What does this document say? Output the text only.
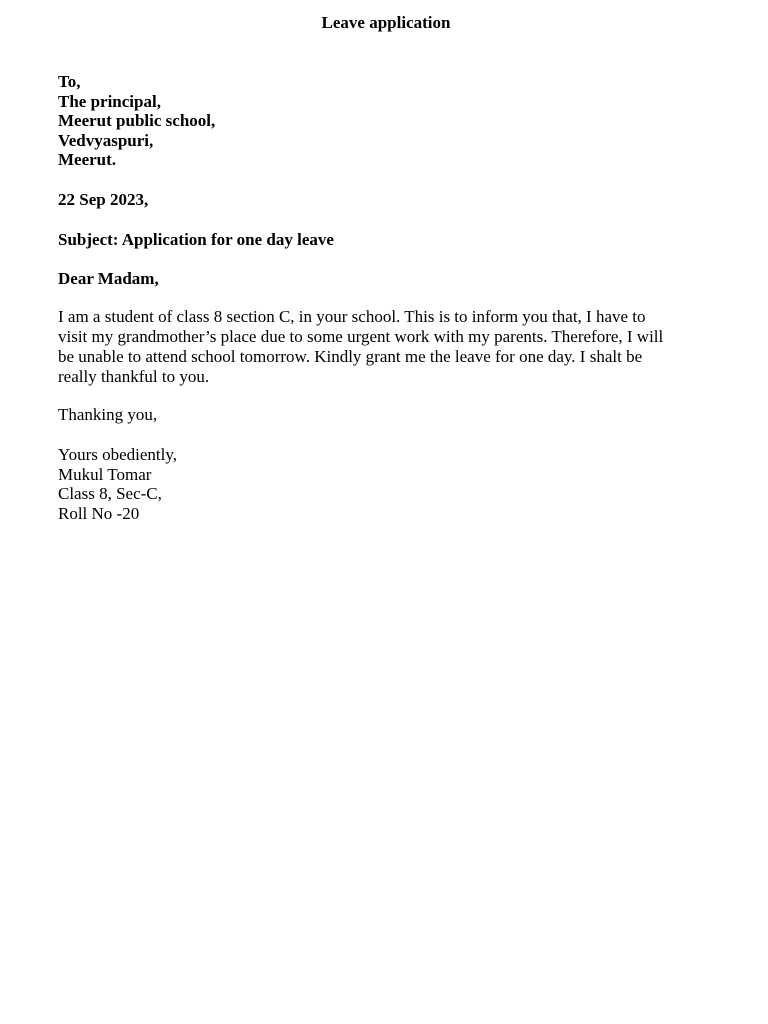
Leave application
To,
The principal,
Meerut public school,
Vedvyaspuri,
Meerut.
22 Sep 2023,
Subject: Application for one day leave
Dear Madam,
I am a student of class 8 section C, in your school. This is to inform you that, I have to
visit my grandmother’s place due to some urgent work with my parents. Therefore, I will
be unable to attend school tomorrow. Kindly grant me the leave for one day. I shalt be
really thankful to you.
Thanking you,
Yours obediently,
Mukul Tomar
Class 8, Sec-C,
Roll No -20
